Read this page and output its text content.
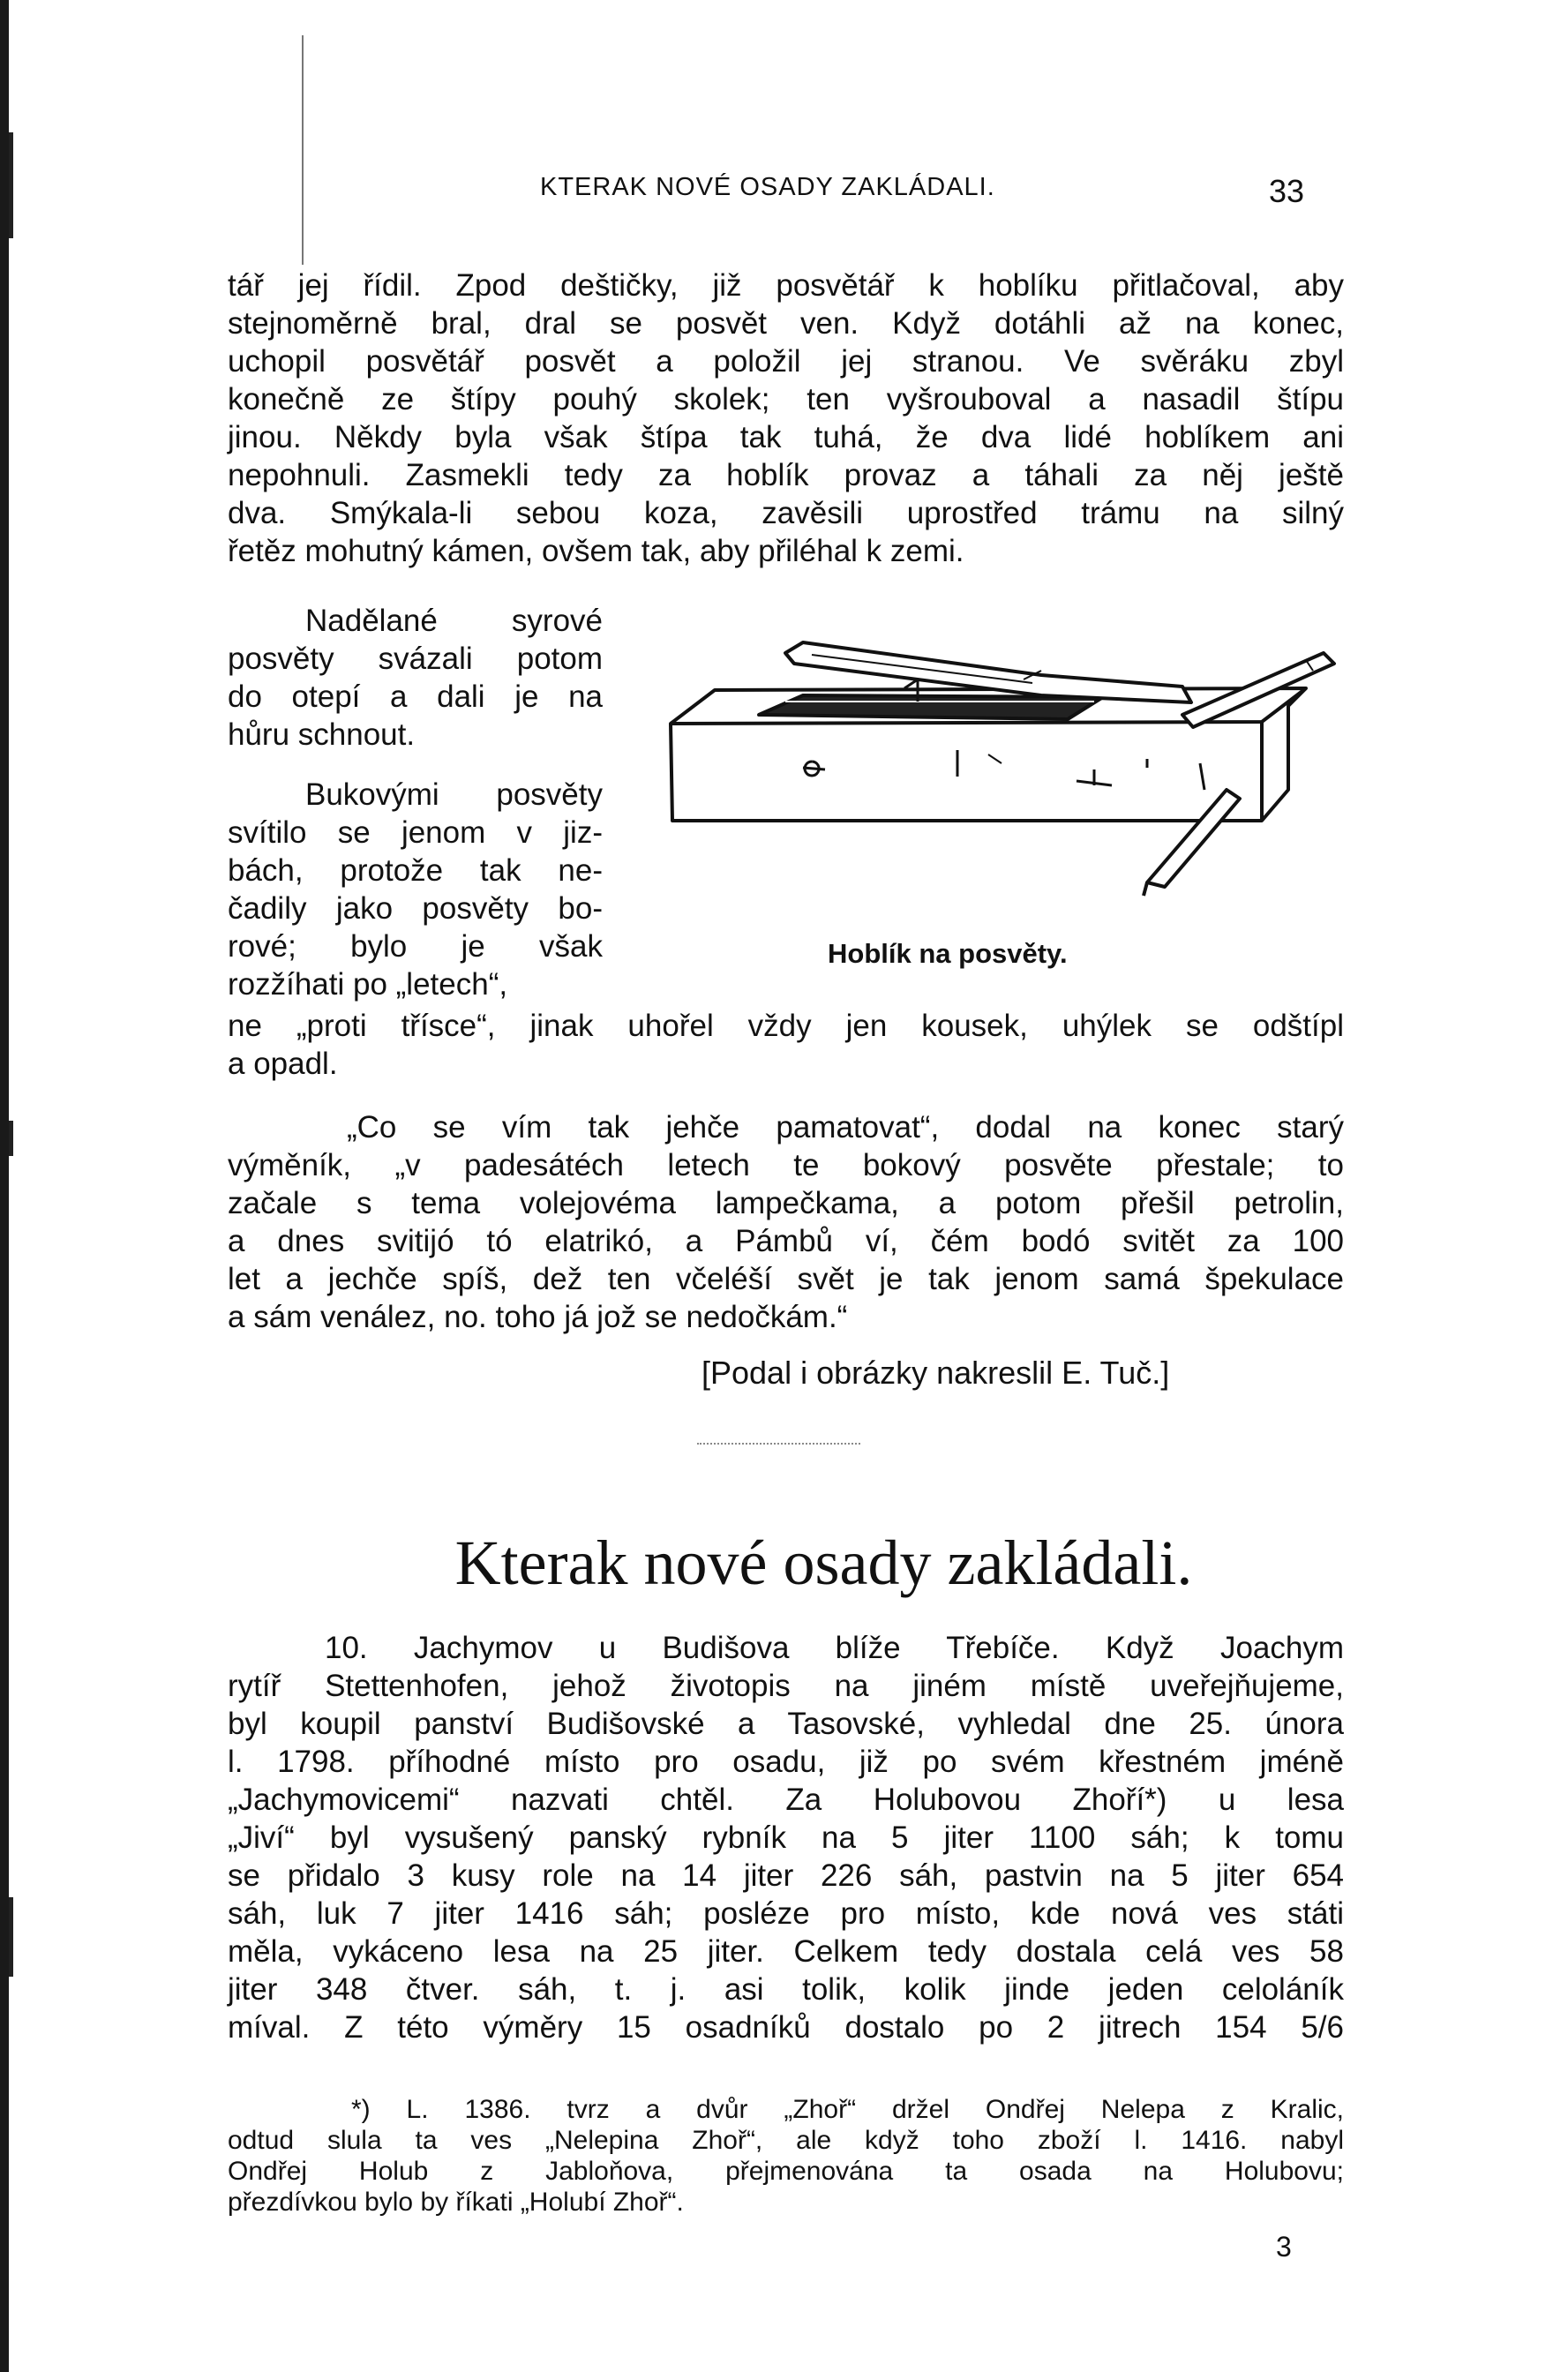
KTERAK NOVÉ OSADY ZAKLÁDALI.	33
tář jej řídil. Zpod deštičky, již posvětář k hoblíku přitlačoval, aby
stejnoměrně bral, dral se posvět ven. Když dotáhli až na konec,
uchopil posvětář posvět a položil jej stranou. Ve svěráku zbyl
konečně ze štípy pouhý skolek; ten vyšrouboval a nasadil štípu
jinou. Někdy byla však štípa tak tuhá, že dva lidé hoblíkem ani
nepohnuli. Zasmekli tedy za hoblík provaz a táhali za něj ještě
dva. Smýkala-li sebou koza, zavěsili uprostřed trámu na silný
řetěz mohutný kámen, ovšem tak, aby přiléhal k zemi.
Nadělané syrové
posvěty svázali potom
do otepí a dali je na
hůru schnout.
Bukovými posvěty
svítilo se jenom v jiz-
bách, protože tak ne-
čadily jako posvěty bo-
rové; bylo je však
rozžíhati po „letech“,
ne „proti třísce“, jinak uhořel vždy jen kousek, uhýlek se odštípl
a opadl.
Hoblík na posvěty.
„Co se vím tak jehče pamatovat“, dodal na konec starý
výměník, „v padesátéch letech te bokový posvěte přestale; to
začale s tema volejovéma lampečkama, a potom přešil petrolin,
a dnes svitijó tó elatrikó, a Pámbů ví, čém bodó svitět za 100
let a jechče spíš, dež ten včeléší svět je tak jenom samá špekulace
a sám venález, no. toho já jož se nedočkám.“
[Podal i obrázky nakreslil E. Tuč.]
Kterak nové osady zakládali.
10. Jachymov u Budišova blíže Třebíče. Když Joachym
rytíř Stettenhofen, jehož životopis na jiném místě uveřejňujeme,
byl koupil panství Budišovské a Tasovské, vyhledal dne 25. února
l. 1798. příhodné místo pro osadu, již po svém křestném jméně
„Jachymovicemi“ nazvati chtěl. Za Holubovou Zhoří*) u lesa
„Jiví“ byl vysušený panský rybník na 5 jiter 1100 sáh; k tomu
se přidalo 3 kusy role na 14 jiter 226 sáh, pastvin na 5 jiter 654
sáh, luk 7 jiter 1416 sáh; posléze pro místo, kde nová ves státi
měla, vykáceno lesa na 25 jiter. Celkem tedy dostala celá ves 58
jiter 348 čtver. sáh, t. j. asi tolik, kolik jinde jeden celoláník
míval. Z této výměry 15 osadníků dostalo po 2 jitrech 154 5/6
*) L. 1386. tvrz a dvůr „Zhoř“ držel Ondřej Nelepa z Kralic,
odtud slula ta ves „Nelepina Zhoř“, ale když toho zboží l. 1416. nabyl
Ondřej Holub z Jabloňova, přejmenována ta osada na Holubovu;
přezdívkou bylo by říkati „Holubí Zhoř“.
3
